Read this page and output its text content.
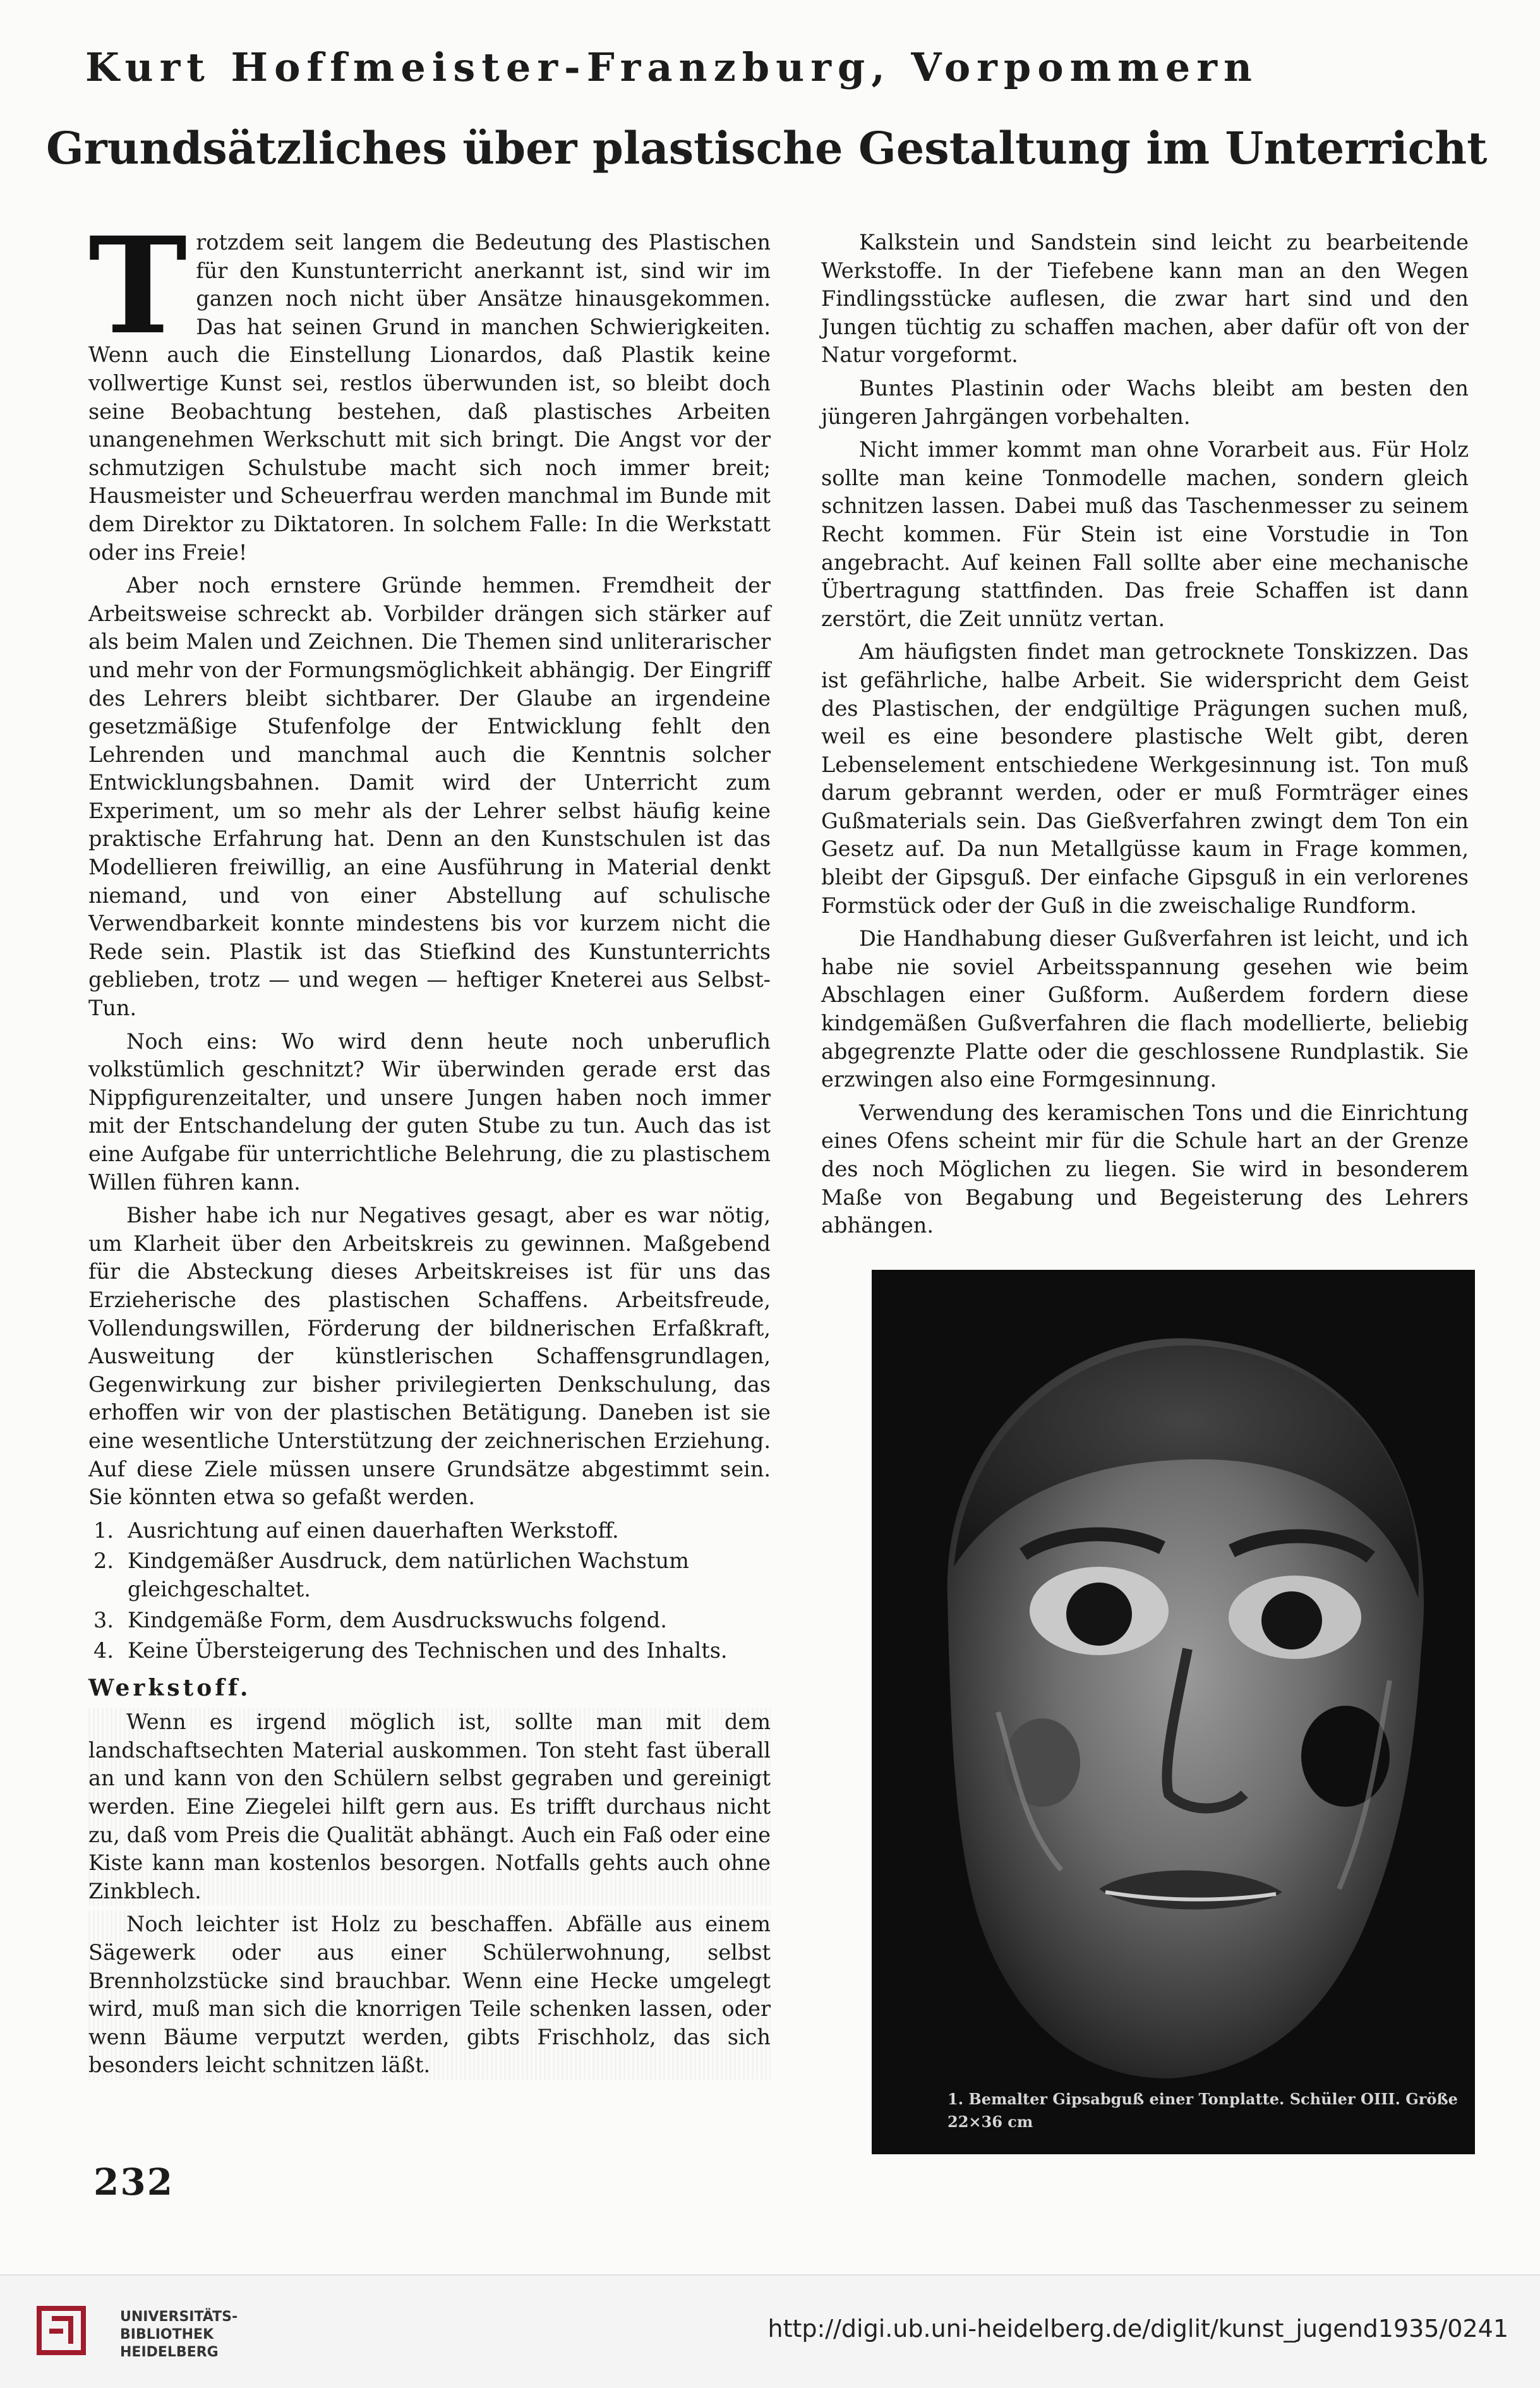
Kurt Hoffmeister-Franzburg, Vorpommern
Grundsätzliches über plastische Gestaltung im Unterricht

Trotzdem seit langem die Bedeutung des Plastischen für den Kunstunterricht anerkannt ist, sind wir im ganzen noch nicht über Ansätze hinausgekommen. Das hat seinen Grund in manchen Schwierigkeiten. Wenn auch die Einstellung Lionardos, daß Plastik keine vollwertige Kunst sei, restlos überwunden ist, so bleibt doch seine Beobachtung bestehen, daß plastisches Arbeiten unangenehmen Werkschutt mit sich bringt. Die Angst vor der schmutzigen Schulstube macht sich noch immer breit; Hausmeister und Scheuerfrau werden manchmal im Bunde mit dem Direktor zu Diktatoren. In solchem Falle: In die Werkstatt oder ins Freie!

Aber noch ernstere Gründe hemmen. Fremdheit der Arbeitsweise schreckt ab. Vorbilder drängen sich stärker auf als beim Malen und Zeichnen. Die Themen sind unliterarischer und mehr von der Formungsmöglichkeit abhängig. Der Eingriff des Lehrers bleibt sichtbarer. Der Glaube an irgendeine gesetzmäßige Stufenfolge der Entwicklung fehlt den Lehrenden und manchmal auch die Kenntnis solcher Entwicklungsbahnen. Damit wird der Unterricht zum Experiment, um so mehr als der Lehrer selbst häufig keine praktische Erfahrung hat. Denn an den Kunstschulen ist das Modellieren freiwillig, an eine Ausführung in Material denkt niemand, und von einer Abstellung auf schulische Verwendbarkeit konnte mindestens bis vor kurzem nicht die Rede sein. Plastik ist das Stiefkind des Kunstunterrichts geblieben, trotz — und wegen — heftiger Kneterei aus Selbst-Tun.

Noch eins: Wo wird denn heute noch unberuflich volkstümlich geschnitzt? Wir überwinden gerade erst das Nippfigurenzeitalter, und unsere Jungen haben noch immer mit der Entschandelung der guten Stube zu tun. Auch das ist eine Aufgabe für unterrichtliche Belehrung, die zu plastischem Willen führen kann.

Bisher habe ich nur Negatives gesagt, aber es war nötig, um Klarheit über den Arbeitskreis zu gewinnen. Maßgebend für die Absteckung dieses Arbeitskreises ist für uns das Erzieherische des plastischen Schaffens. Arbeitsfreude, Vollendungswillen, Förderung der bildnerischen Erfaßkraft, Ausweitung der künstlerischen Schaffensgrundlagen, Gegenwirkung zur bisher privilegierten Denkschulung, das erhoffen wir von der plastischen Betätigung. Daneben ist sie eine wesentliche Unterstützung der zeichnerischen Erziehung. Auf diese Ziele müssen unsere Grundsätze abgestimmt sein. Sie könnten etwa so gefaßt werden.

1. Ausrichtung auf einen dauerhaften Werkstoff.
2. Kindgemäßer Ausdruck, dem natürlichen Wachstum gleichgeschaltet.
3. Kindgemäße Form, dem Ausdruckswuchs folgend.
4. Keine Übersteigerung des Technischen und des Inhalts.
Werkstoff.

Wenn es irgend möglich ist, sollte man mit dem landschaftsechten Material auskommen. Ton steht fast überall an und kann von den Schülern selbst gegraben und gereinigt werden. Eine Ziegelei hilft gern aus. Es trifft durchaus nicht zu, daß vom Preis die Qualität abhängt. Auch ein Faß oder eine Kiste kann man kostenlos besorgen. Notfalls gehts auch ohne Zinkblech.

Noch leichter ist Holz zu beschaffen. Abfälle aus einem Sägewerk oder aus einer Schülerwohnung, selbst Brennholzstücke sind brauchbar. Wenn eine Hecke umgelegt wird, muß man sich die knorrigen Teile schenken lassen, oder wenn Bäume verputzt werden, gibts Frischholz, das sich besonders leicht schnitzen läßt.

Kalkstein und Sandstein sind leicht zu bearbeitende Werkstoffe. In der Tiefebene kann man an den Wegen Findlingsstücke auflesen, die zwar hart sind und den Jungen tüchtig zu schaffen machen, aber dafür oft von der Natur vorgeformt.

Buntes Plastinin oder Wachs bleibt am besten den jüngeren Jahrgängen vorbehalten.

Nicht immer kommt man ohne Vorarbeit aus. Für Holz sollte man keine Tonmodelle machen, sondern gleich schnitzen lassen. Dabei muß das Taschenmesser zu seinem Recht kommen. Für Stein ist eine Vorstudie in Ton angebracht. Auf keinen Fall sollte aber eine mechanische Übertragung stattfinden. Das freie Schaffen ist dann zerstört, die Zeit unnütz vertan.

Am häufigsten findet man getrocknete Tonskizzen. Das ist gefährliche, halbe Arbeit. Sie widerspricht dem Geist des Plastischen, der endgültige Prägungen suchen muß, weil es eine besondere plastische Welt gibt, deren Lebenselement entschiedene Werkgesinnung ist. Ton muß darum gebrannt werden, oder er muß Formträger eines Gußmaterials sein. Das Gießverfahren zwingt dem Ton ein Gesetz auf. Da nun Metallgüsse kaum in Frage kommen, bleibt der Gipsguß. Der einfache Gipsguß in ein verlorenes Formstück oder der Guß in die zweischalige Rundform.

Die Handhabung dieser Gußverfahren ist leicht, und ich habe nie soviel Arbeitsspannung gesehen wie beim Abschlagen einer Gußform. Außerdem fordern diese kindgemäßen Gußverfahren die flach modellierte, beliebig abgegrenzte Platte oder die geschlossene Rundplastik. Sie erzwingen also eine Formgesinnung.

Verwendung des keramischen Tons und die Einrichtung eines Ofens scheint mir für die Schule hart an der Grenze des noch Möglichen zu liegen. Sie wird in besonderem Maße von Begabung und Begeisterung des Lehrers abhängen.

1. Bemalter Gipsabguß einer Tonplatte. Schüler OIII. Größe 22×36 cm
232
UNIVERSITÄTS-
BIBLIOTHEK
HEIDELBERG
http://digi.ub.uni-heidelberg.de/diglit/kunst_jugend1935/0241
